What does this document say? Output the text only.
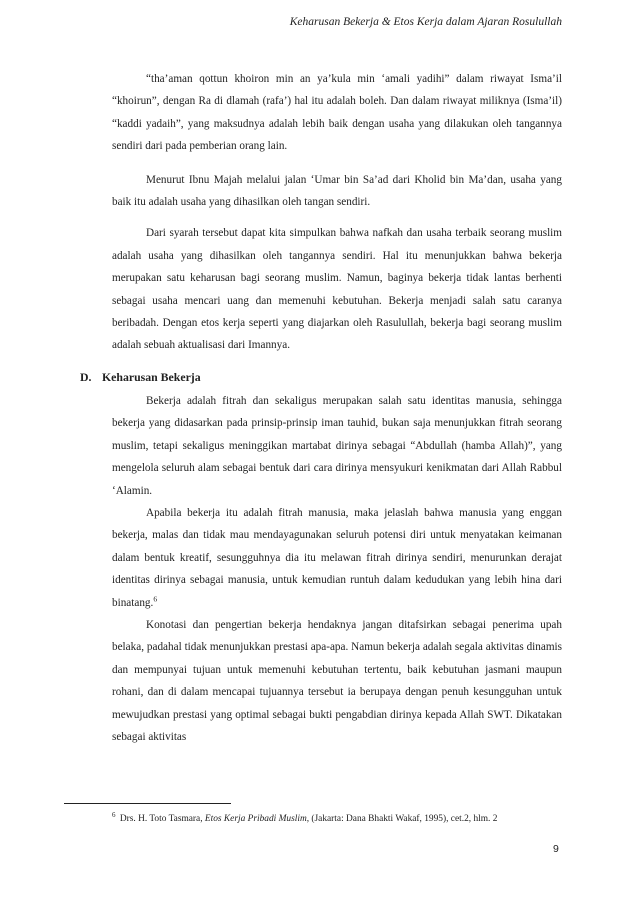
Keharusan Bekerja & Etos Kerja dalam Ajaran Rosulullah

“tha’aman qottun khoiron min an ya’kula min ‘amali yadihi” dalam riwayat Isma’il “khoirun”, dengan Ra di dlamah (rafa’) hal itu adalah boleh. Dan dalam riwayat miliknya (Isma’il) “kaddi yadaih”, yang maksudnya adalah lebih baik dengan usaha yang dilakukan oleh tangannya sendiri dari pada pemberian orang lain.

Menurut Ibnu Majah melalui jalan ‘Umar bin Sa’ad dari Kholid bin Ma’dan, usaha yang baik itu adalah usaha yang dihasilkan oleh tangan sendiri.

Dari syarah tersebut dapat kita simpulkan bahwa nafkah dan usaha terbaik seorang muslim adalah usaha yang dihasilkan oleh tangannya sendiri. Hal itu menunjukkan bahwa bekerja merupakan satu keharusan bagi seorang muslim. Namun, baginya bekerja tidak lantas berhenti sebagai usaha mencari uang dan memenuhi kebutuhan. Bekerja menjadi salah satu caranya beribadah. Dengan etos kerja seperti yang diajarkan oleh Rasulullah, bekerja bagi seorang muslim adalah sebuah aktualisasi dari Imannya.

D. Keharusan Bekerja

Bekerja adalah fitrah dan sekaligus merupakan salah satu identitas manusia, sehingga bekerja yang didasarkan pada prinsip-prinsip iman tauhid, bukan saja menunjukkan fitrah seorang muslim, tetapi sekaligus meninggikan martabat dirinya sebagai “Abdullah (hamba Allah)”, yang mengelola seluruh alam sebagai bentuk dari cara dirinya mensyukuri kenikmatan dari Allah Rabbul ‘Alamin.

Apabila bekerja itu adalah fitrah manusia, maka jelaslah bahwa manusia yang enggan bekerja, malas dan tidak mau mendayagunakan seluruh potensi diri untuk menyatakan keimanan dalam bentuk kreatif, sesungguhnya dia itu melawan fitrah dirinya sendiri, menurunkan derajat identitas dirinya sebagai manusia, untuk kemudian runtuh dalam kedudukan yang lebih hina dari binatang.$^6$

Konotasi dan pengertian bekerja hendaknya jangan ditafsirkan sebagai penerima upah belaka, padahal tidak menunjukkan prestasi apa-apa. Namun bekerja adalah segala aktivitas dinamis dan mempunyai tujuan untuk memenuhi kebutuhan tertentu, baik kebutuhan jasmani maupun rohani, dan di dalam mencapai tujuannya tersebut ia berupaya dengan penuh kesungguhan untuk mewujudkan prestasi yang optimal sebagai bukti pengabdian dirinya kepada Allah SWT. Dikatakan sebagai aktivitas

$^6$ Drs. H. Toto Tasmara, Etos Kerja Pribadi Muslim, (Jakarta: Dana Bhakti Wakaf, 1995), cet.2, hlm. 2
9
